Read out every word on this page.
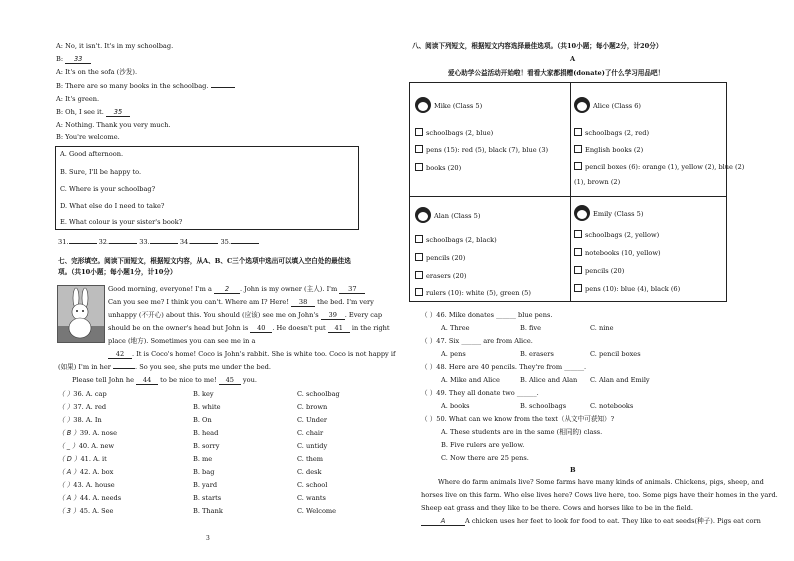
A: No, it isn't. It's in my schoolbag.
B: 33
A: It's on the sofa (沙发).
B: There are so many books in the schoolbag.
A: It's green.
B: Oh, I see it. 35
A: Nothing. Thank you very much.
B: You're welcome.
A. Good afternoon.
B. Sure, I'll be happy to.
C. Where is your schoolbag?
D. What else do I need to take?
E. What colour is your sister's book?
31.	32.	33.	34.	35.
七、完形填空。阅读下面短文，根据短文内容，从A、B、C三个选项中选出可以填入空白处的最佳选项。（共10小题；每小题1分，计10分）
Good morning, everyone! I'm a 2 . John is my owner (主人). I'm 37
Can you see me? I think you can't. Where am I? Here! 38 the bed. I'm very
unhappy (不开心) about this. You should (应该) see me on John's 39 . Every cap
should be on the owner's head but John is 40 . He doesn't put 41 in the right
place (地方). Sometimes you can see me in a
42 . It is Coco's home! Coco is John's rabbit. She is white too. Coco is not happy if
(如果) I'm in her	. So you see, she puts me under the bed.
Please tell John he 44 to be nice to me! 45 you.
（ ）36. A. cap	B. key	C. schoolbag
（ ）37. A. red	B. white	C. brown
（ ）38. A. In	B. On	C. Under
（ B ）39. A. nose	B. head	C. chair
（ _ ）40. A. new	B. sorry	C. untidy
（ D ）41. A. it	B. me	C. them
（ A ）42. A. box	B. bag	C. desk
（ ）43. A. house	B. yard	C. school
（ A ）44. A. needs	B. starts	C. wants
（ 3 ）45. A. See	B. Thank	C. Welcome
3
八、阅读下列短文，根据短文内容选择最佳选项。（共10小题；每小题2分，计20分）
A
爱心助学公益活动开始啦！看看大家都捐赠(donate)了什么学习用品吧！
Mike (Class 5)
schoolbags (2, blue)
pens (15): red (5), black (7), blue (3)
books (20)
Alice (Class 6)
schoolbags (2, red)
English books (2)
pencil boxes (6): orange (1), yellow (2), blue (2)
(1), brown (2)
Alan (Class 5)
schoolbags (2, black)
pencils (20)
erasers (20)
rulers (10): white (5), green (5)
Emily (Class 5)
schoolbags (2, yellow)
notebooks (10, yellow)
pencils (20)
pens (10): blue (4), black (6)
（ ）46. Mike donates ______ blue pens.
A. Three	B. five	C. nine
（ ）47. Six ______ are from Alice.
A. pens	B. erasers	C. pencil boxes
（ ）48. Here are 40 pencils. They're from ______.
A. Mike and Alice	B. Alice and Alan C. Alan and Emily
（ ）49. They all donate two ______.
A. books	B. schoolbags	C. notebooks
（ ）50. What can we know from the text（从文中可获知）?
A. These students are in the same (相同的) class.
B. Five rulers are yellow.
C. Now there are 25 pens.
B
Where do farm animals live? Some farms have many kinds of animals. Chickens, pigs, sheep, and
horses live on this farm. Who else lives here? Cows live here, too. Some pigs have their homes in the yard.
Sheep eat grass and they like to be there. Cows and horses like to be in the field.
A	A chicken uses her feet to look for food to eat. They like to eat seeds(种子). Pigs eat corn
